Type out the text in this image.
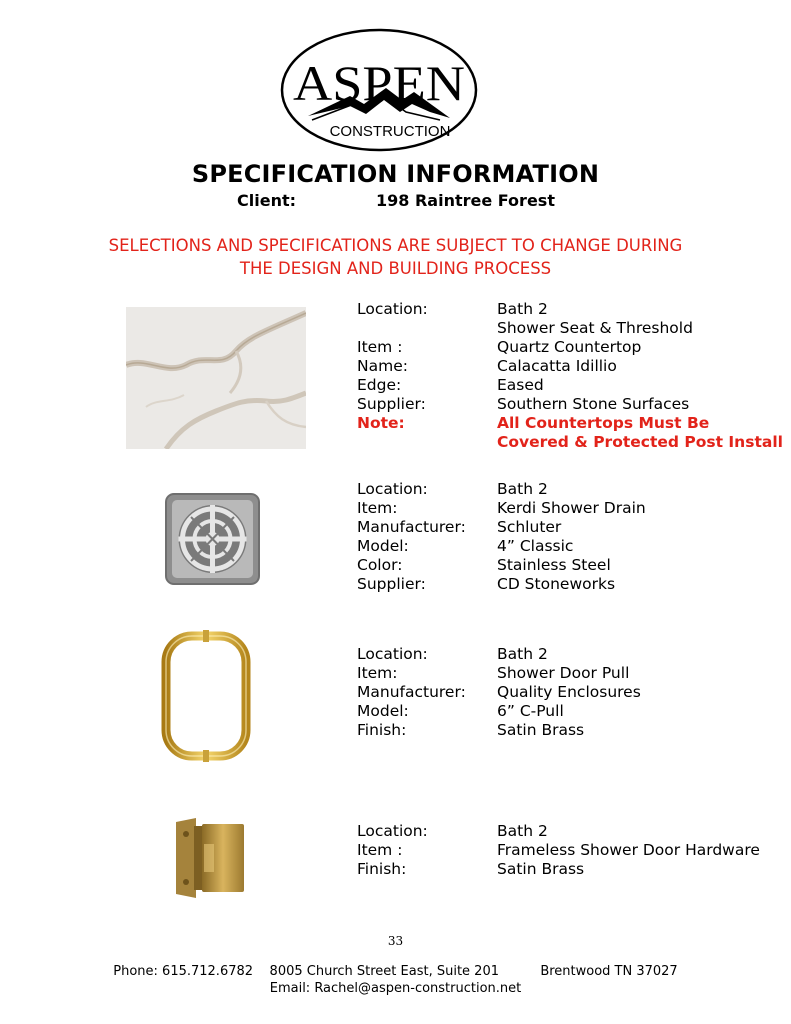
ASPEN
CONSTRUCTION
SPECIFICATION INFORMATION
Client:	198 Raintree Forest
SELECTIONS AND SPECIFICATIONS ARE SUBJECT TO CHANGE DURING
THE DESIGN AND BUILDING PROCESS
Location:	Bath 2
Shower Seat & Threshold
Item :	Quartz Countertop
Name:	Calacatta Idillio
Edge:	Eased
Supplier:	Southern Stone Surfaces
Note:	All Countertops Must Be
Covered & Protected Post Install
Location:	Bath 2
Item:	Kerdi Shower Drain
Manufacturer: Schluter
Model:	4” Classic
Color:	Stainless Steel
Supplier:	CD Stoneworks
Location:	Bath 2
Item:	Shower Door Pull
Manufacturer: Quality Enclosures
Model:	6” C-Pull
Finish:	Satin Brass
Location:	Bath 2
Item :	Frameless Shower Door Hardware
Finish:	Satin Brass
33
Phone: 615.712.6782    8005 Church Street East, Suite 201          Brentwood TN 37027
Email: Rachel@aspen-construction.net
